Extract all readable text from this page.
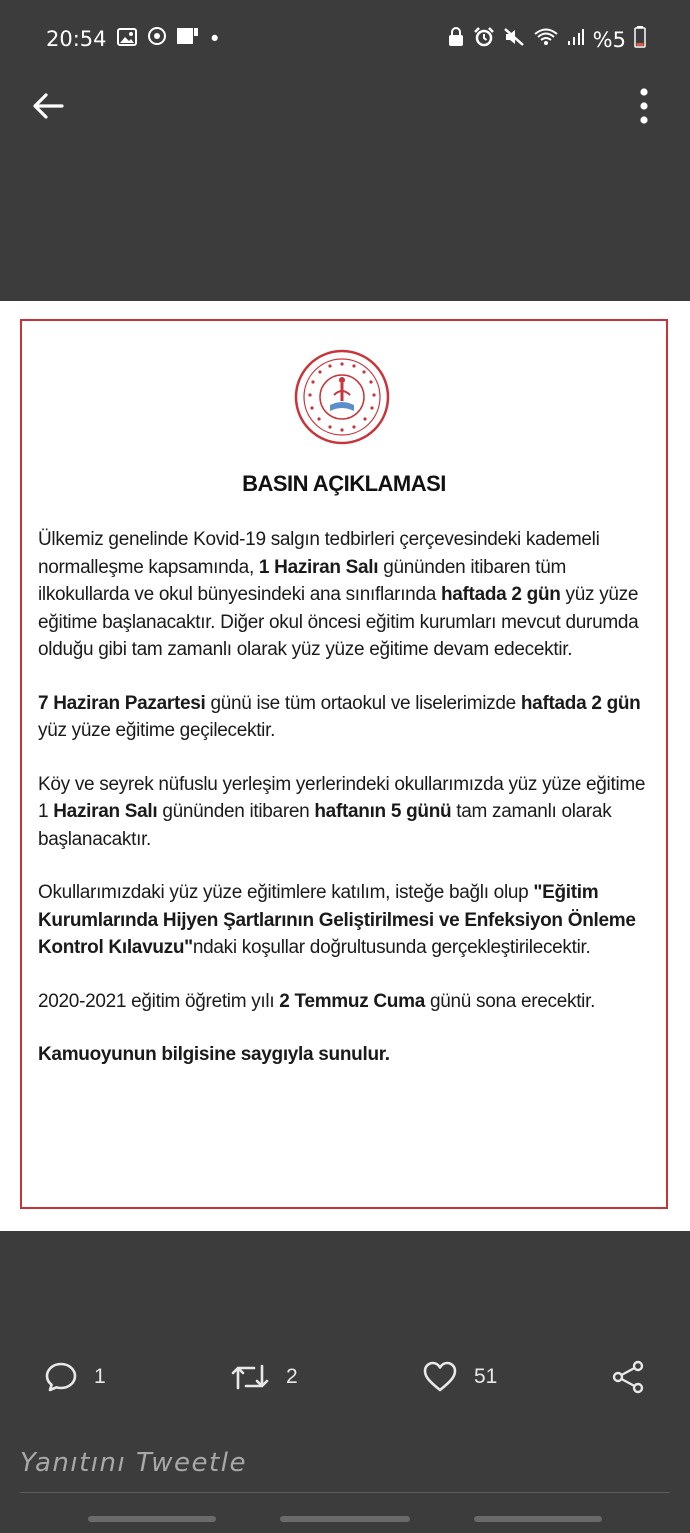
20:54	•	%5
BASIN AÇIKLAMASI

Ülkemiz genelinde Kovid-19 salgın tedbirleri çerçevesindeki kademeli normalleşme kapsamında, 1 Haziran Salı gününden itibaren tüm ilkokullarda ve okul bünyesindeki ana sınıflarında haftada 2 gün yüz yüze eğitime başlanacaktır. Diğer okul öncesi eğitim kurumları mevcut durumda olduğu gibi tam zamanlı olarak yüz yüze eğitime devam edecektir.

7 Haziran Pazartesi günü ise tüm ortaokul ve liselerimizde haftada 2 gün yüz yüze eğitime geçilecektir.

Köy ve seyrek nüfuslu yerleşim yerlerindeki okullarımızda yüz yüze eğitime 1 Haziran Salı gününden itibaren haftanın 5 günü tam zamanlı olarak başlanacaktır.

Okullarımızdaki yüz yüze eğitimlere katılım, isteğe bağlı olup "Eğitim Kurumlarında Hijyen Şartlarının Geliştirilmesi ve Enfeksiyon Önleme Kontrol Kılavuzu"ndaki koşullar doğrultusunda gerçekleştirilecektir.

2020-2021 eğitim öğretim yılı 2 Temmuz Cuma günü sona erecektir.

Kamuoyunun bilgisine saygıyla sunulur.

1	2	51
Yanıtını Tweetle
